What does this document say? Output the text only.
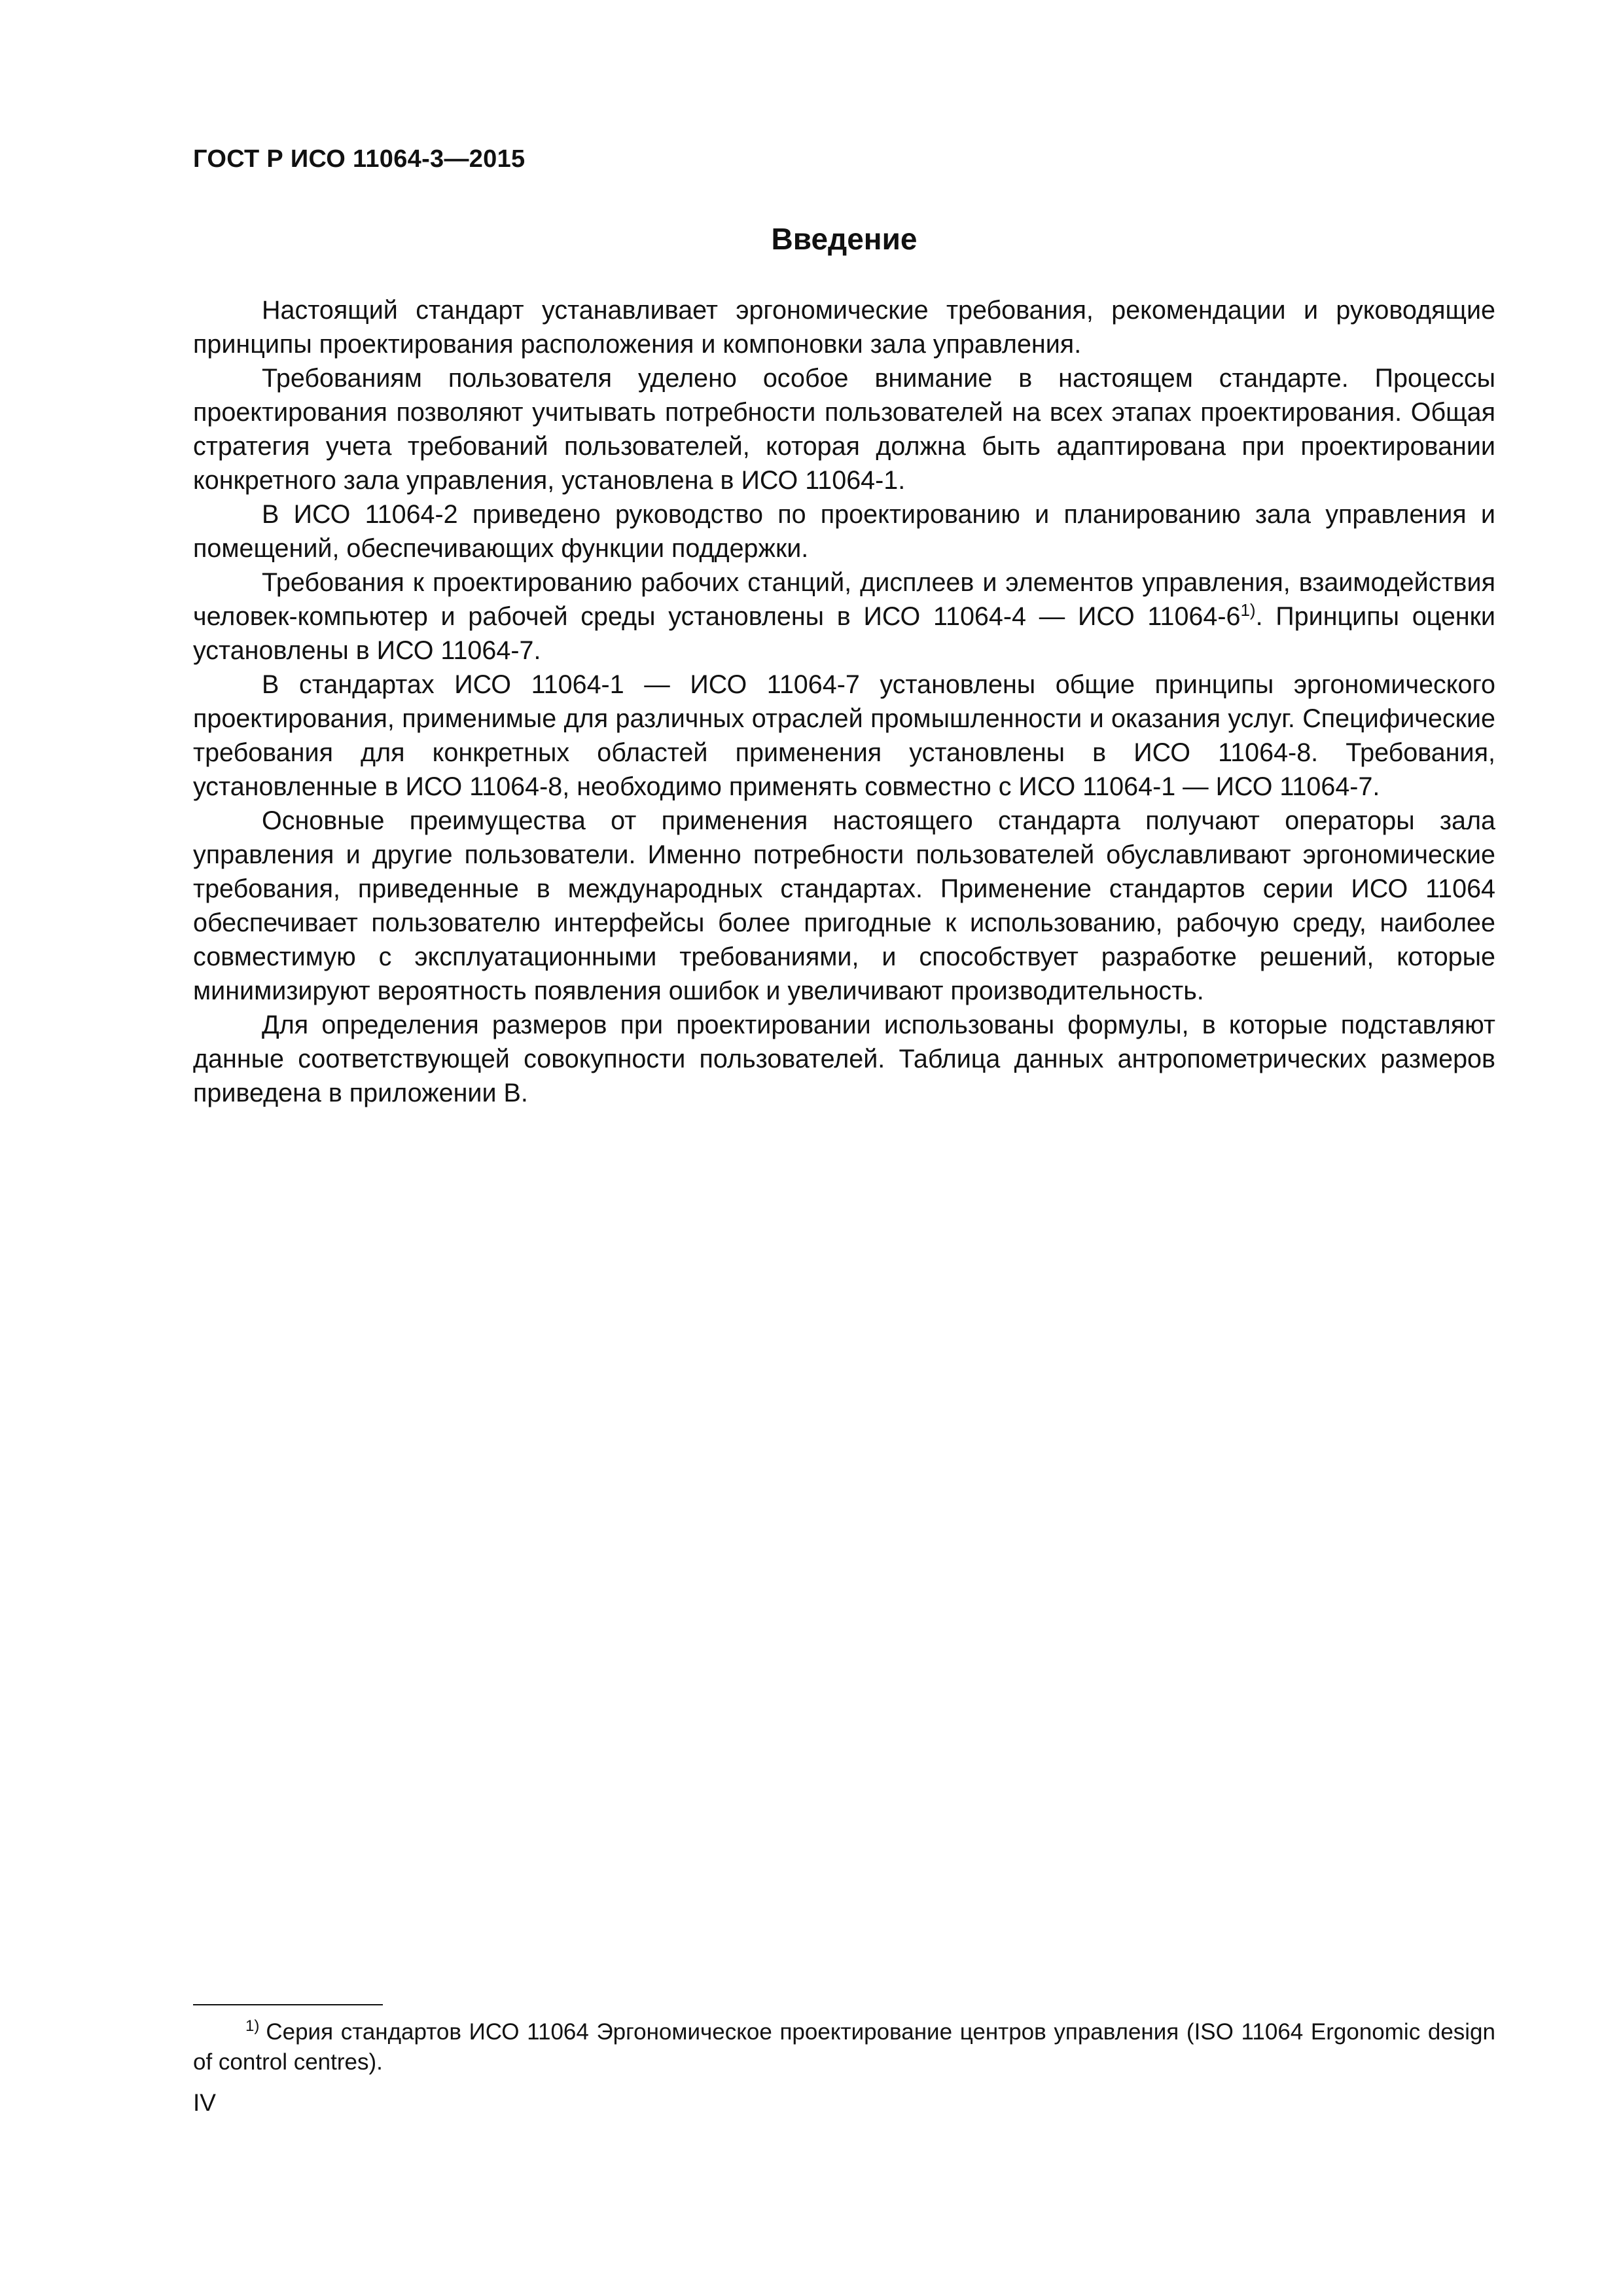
ГОСТ Р ИСО 11064-3—2015
Введение

Настоящий стандарт устанавливает эргономические требования, рекомендации и руководящие принципы проектирования расположения и компоновки зала управления.

Требованиям пользователя уделено особое внимание в настоящем стандарте. Процессы проектирования позволяют учитывать потребности пользователей на всех этапах проектирования. Общая стратегия учета требований пользователей, которая должна быть адаптирована при проектировании конкретного зала управления, установлена в ИСО 11064-1.

В ИСО 11064-2 приведено руководство по проектированию и планированию зала управления и помещений, обеспечивающих функции поддержки.

Требования к проектированию рабочих станций, дисплеев и элементов управления, взаимодействия человек-компьютер и рабочей среды установлены в ИСО 11064-4 — ИСО 11064-6$^{1)}$. Принципы оценки установлены в ИСО 11064-7.

В стандартах ИСО 11064-1 — ИСО 11064-7 установлены общие принципы эргономического проектирования, применимые для различных отраслей промышленности и оказания услуг. Специфические требования для конкретных областей применения установлены в ИСО 11064-8. Требования, установленные в ИСО 11064-8, необходимо применять совместно с ИСО 11064-1 — ИСО 11064-7.

Основные преимущества от применения настоящего стандарта получают операторы зала управления и другие пользователи. Именно потребности пользователей обуславливают эргономические требования, приведенные в международных стандартах. Применение стандартов серии ИСО 11064 обеспечивает пользователю интерфейсы более пригодные к использованию, рабочую среду, наиболее совместимую с эксплуатационными требованиями, и способствует разработке решений, которые минимизируют вероятность появления ошибок и увеличивают производительность.

Для определения размеров при проектировании использованы формулы, в которые подставляют данные соответствующей совокупности пользователей. Таблица данных антропометрических размеров приведена в приложении В.

$^{1)}$ Серия стандартов ИСО 11064 Эргономическое проектирование центров управления (ISO 11064 Ergonomic design of control centres).
IV
